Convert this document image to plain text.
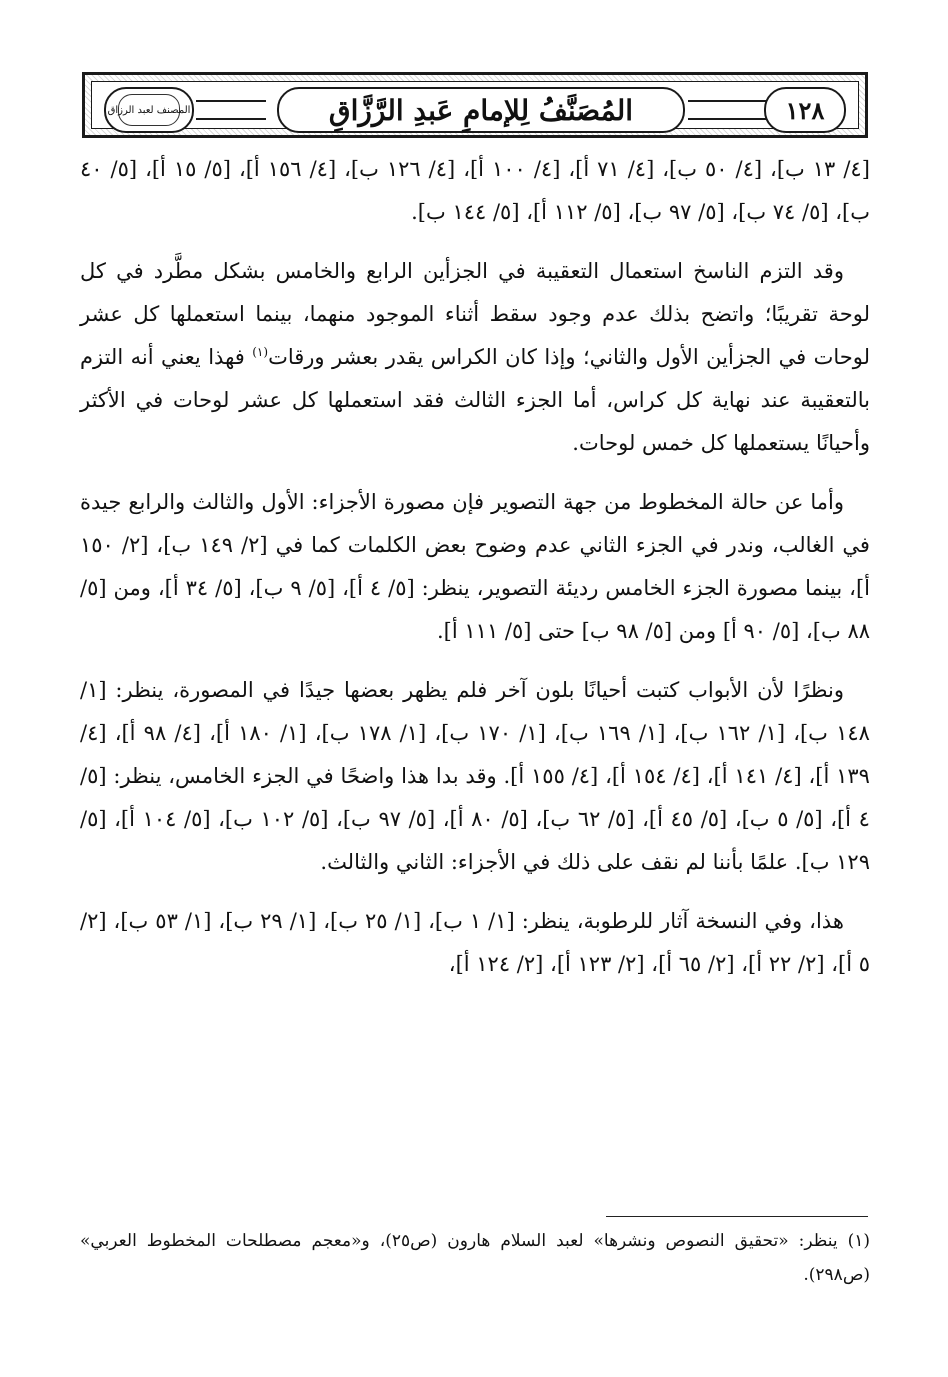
المصنف لعبد الرزاق	المُصَنَّفُ لِلإمامِ عَبدِ الرَّزَّاقِ	١٢٨

[٤/ ١٣ ب]، [٤/ ٥٠ ب]، [٤/ ٧١ أ]، [٤/ ١٠٠ أ]، [٤/ ١٢٦ ب]، [٤/ ١٥٦ أ]، [٥/ ١٥ أ]، [٥/ ٤٠ ب]، [٥/ ٧٤ ب]، [٥/ ٩٧ ب]، [٥/ ١١٢ أ]، [٥/ ١٤٤ ب].

وقد التزم الناسخ استعمال التعقيبة في الجزأين الرابع والخامس بشكل مطَّرد في كل لوحة تقريبًا؛ واتضح بذلك عدم وجود سقط أثناء الموجود منهما، بينما استعملها كل عشر لوحات في الجزأين الأول والثاني؛ وإذا كان الكراس يقدر بعشر ورقات$^{(١)}$ فهذا يعني أنه التزم بالتعقيبة عند نهاية كل كراس، أما الجزء الثالث فقد استعملها كل عشر لوحات في الأكثر وأحيانًا يستعملها كل خمس لوحات.

وأما عن حالة المخطوط من جهة التصوير فإن مصورة الأجزاء: الأول والثالث والرابع جيدة في الغالب، وندر في الجزء الثاني عدم وضوح بعض الكلمات كما في [٢/ ١٤٩ ب]، [٢/ ١٥٠ أ]، بينما مصورة الجزء الخامس رديئة التصوير، ينظر: [٥/ ٤ أ]، [٥/ ٩ ب]، [٥/ ٣٤ أ]، ومن [٥/ ٨٨ ب]، [٥/ ٩٠ أ] ومن [٥/ ٩٨ ب] حتى [٥/ ١١١ أ].

ونظرًا لأن الأبواب كتبت أحيانًا بلون آخر فلم يظهر بعضها جيدًا في المصورة، ينظر: [١/ ١٤٨ ب]، [١/ ١٦٢ ب]، [١/ ١٦٩ ب]، [١/ ١٧٠ ب]، [١/ ١٧٨ ب]، [١/ ١٨٠ أ]، [٤/ ٩٨ أ]، [٤/ ١٣٩ أ]، [٤/ ١٤١ أ]، [٤/ ١٥٤ أ]، [٤/ ١٥٥ أ]. وقد بدا هذا واضحًا في الجزء الخامس، ينظر: [٥/ ٤ أ]، [٥/ ٥ ب]، [٥/ ٤٥ أ]، [٥/ ٦٢ ب]، [٥/ ٨٠ أ]، [٥/ ٩٧ ب]، [٥/ ١٠٢ ب]، [٥/ ١٠٤ أ]، [٥/ ١٢٩ ب]. علمًا بأننا لم نقف على ذلك في الأجزاء: الثاني والثالث.

هذا، وفي النسخة آثار للرطوبة، ينظر: [١/ ١ ب]، [١/ ٢٥ ب]، [١/ ٢٩ ب]، [١/ ٥٣ ب]، [٢/ ٥ أ]، [٢/ ٢٢ أ]، [٢/ ٦٥ أ]، [٢/ ١٢٣ أ]، [٢/ ١٢٤ أ]،

(١) ينظر: «تحقيق النصوص ونشرها» لعبد السلام هارون (ص٢٥)، و«معجم مصطلحات المخطوط العربي» (ص٢٩٨).
